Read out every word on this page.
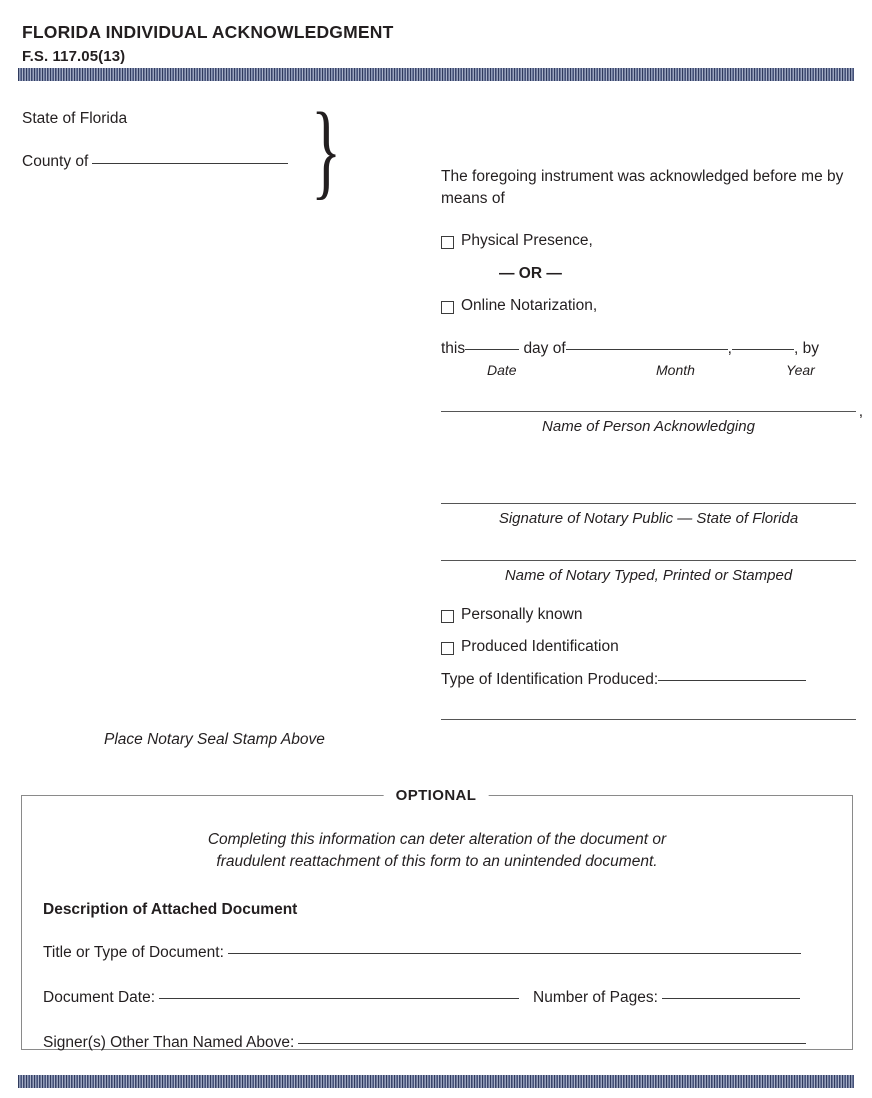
FLORIDA INDIVIDUAL ACKNOWLEDGMENT
F.S. 117.05(13)
State of Florida
County of	}	The foregoing instrument was acknowledged before me by means of

Physical Presence,
— OR —
Online Notarization,
this	day of	,	, by
Date	Month	Year
,
Name of Person Acknowledging
Signature of Notary Public — State of Florida
Name of Notary Typed, Printed or Stamped
Personally known
Produced Identification
Type of Identification Produced:
Place Notary Seal Stamp Above
OPTIONAL
Completing this information can deter alteration of the document or
fraudulent reattachment of this form to an unintended document.
Description of Attached Document
Title or Type of Document:
Document Date:	Number of Pages:
Signer(s) Other Than Named Above:
